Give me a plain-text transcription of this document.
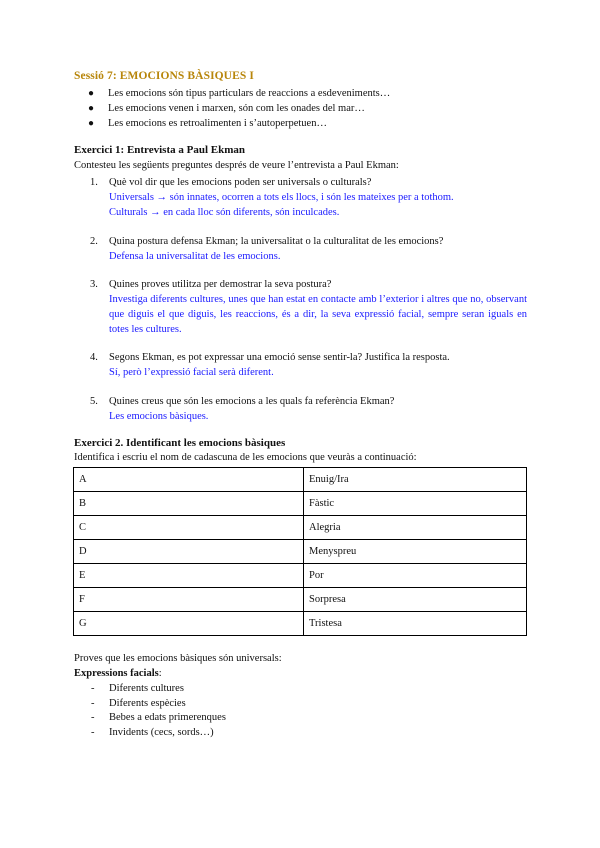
Sessió 7: EMOCIONS BÀSIQUES I
● Les emocions són tipus particulars de reaccions a esdeveniments…
● Les emocions venen i marxen, són com les onades del mar…
● Les emocions es retroalimenten i s’autoperpetuen…
Exercici 1: Entrevista a Paul Ekman
Contesteu les següents preguntes després de veure l’entrevista a Paul Ekman:
1. Què vol dir que les emocions poden ser universals o culturals?
Universals → són innates, ocorren a tots els llocs, i són les mateixes per a tothom.
Culturals → en cada lloc són diferents, són inculcades.
2. Quina postura defensa Ekman; la universalitat o la culturalitat de les emocions?
Defensa la universalitat de les emocions.
3. Quines proves utilitza per demostrar la seva postura?
Investiga diferents cultures, unes que han estat en contacte amb l’exterior i altres que no, observant que diguis el que diguis, les reaccions, és a dir, la seva expressió facial, sempre seran iguals en totes les cultures.
4. Segons Ekman, es pot expressar una emoció sense sentir-la? Justifica la resposta.
Sí, però l’expressió facial serà diferent.
5. Quines creus que són les emocions a les quals fa referència Ekman?
Les emocions bàsiques.
Exercici 2. Identificant les emocions bàsiques
Identifica i escriu el nom de cadascuna de les emocions que veuràs a continuació:
A	Enuig/Ira
B	Fàstic
C	Alegria
D	Menyspreu
E	Por
F	Sorpresa
G	Tristesa
Proves que les emocions bàsiques són universals:
Expressions facials:
- Diferents cultures
- Diferents espècies
- Bebes a edats primerenques
- Invidents (cecs, sords…)
